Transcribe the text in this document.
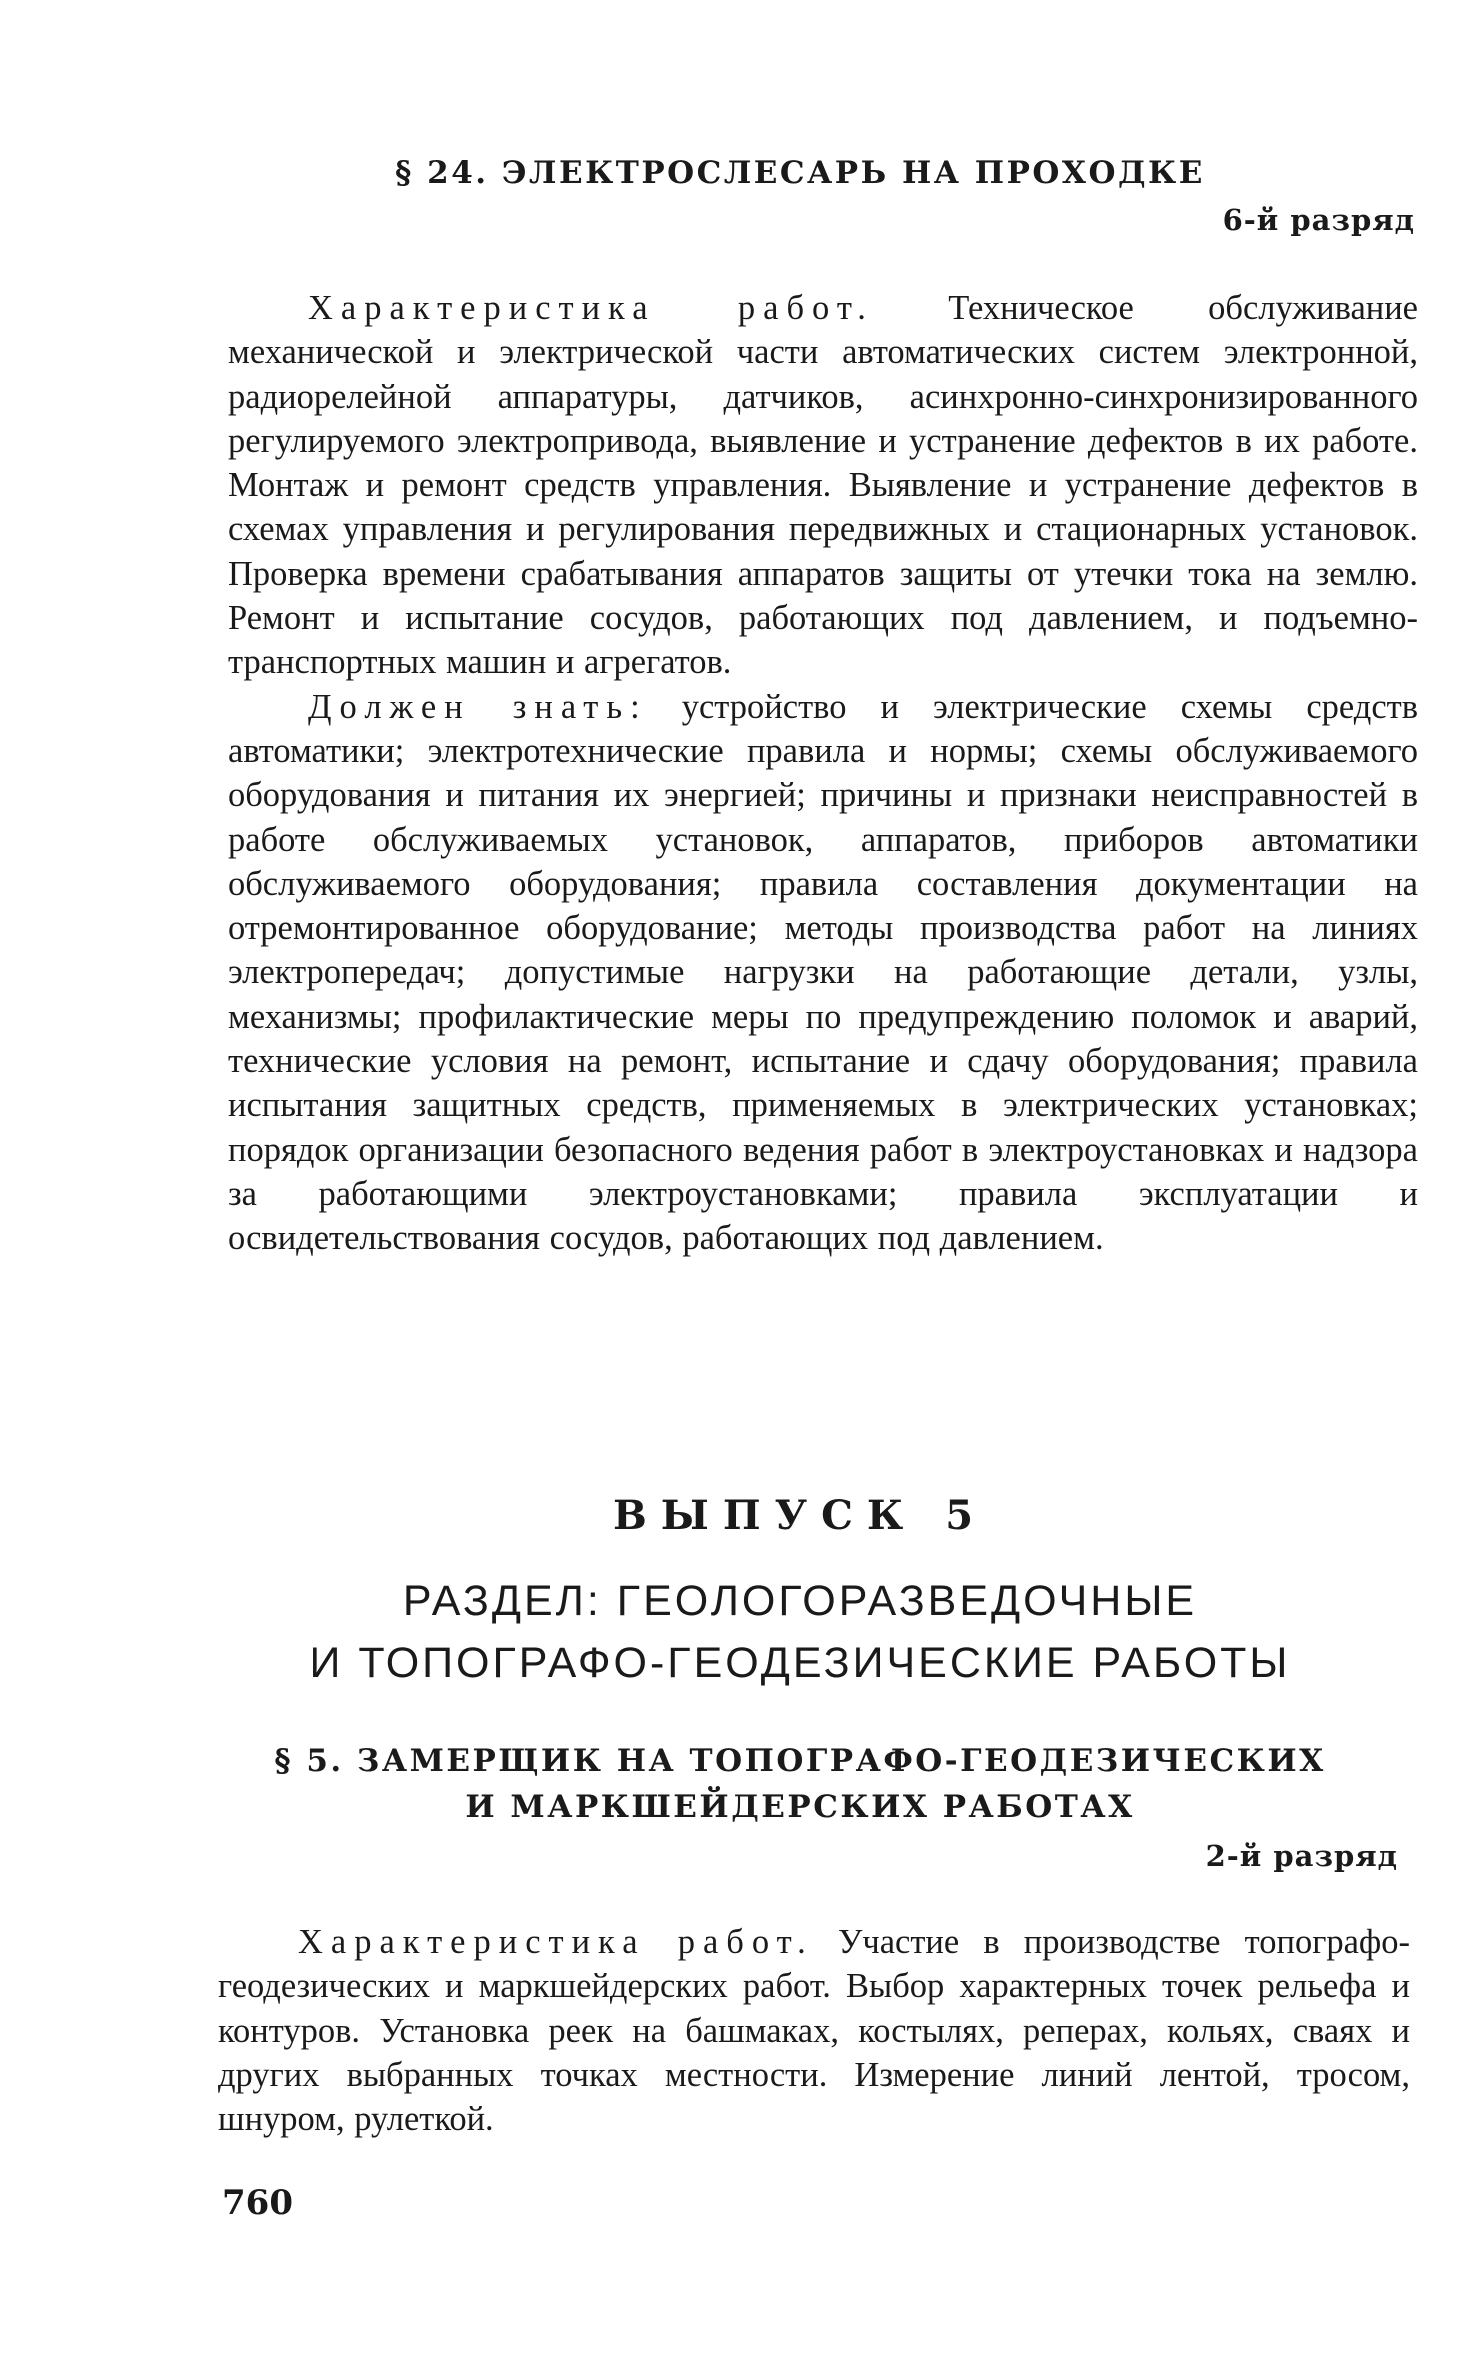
§ 24. ЭЛЕКТРОСЛЕСАРЬ НА ПРОХОДКЕ
6-й разряд

Характеристика работ. Техническое обслуживание механической и электрической части автоматических систем электронной, радиорелейной аппаратуры, датчиков, асинхронно-синхронизированного регулируемого электропривода, выявление и устранение дефектов в их работе. Монтаж и ремонт средств управления. Выявление и устранение дефектов в схемах управления и регулирования передвижных и стационарных установок. Проверка времени срабатывания аппаратов защиты от утечки тока на землю. Ремонт и испытание сосудов, работающих под давлением, и подъемно-транспортных машин и агрегатов.

Должен знать: устройство и электрические схемы средств автоматики; электротехнические правила и нормы; схемы обслуживаемого оборудования и питания их энергией; причины и признаки неисправностей в работе обслуживаемых установок, аппаратов, приборов автоматики обслуживаемого оборудования; правила составления документации на отремонтированное оборудование; методы производства работ на линиях электропередач; допустимые нагрузки на работающие детали, узлы, механизмы; профилактические меры по предупреждению поломок и аварий, технические условия на ремонт, испытание и сдачу оборудования; правила испытания защитных средств, применяемых в электрических установках; порядок организации безопасного ведения работ в электроустановках и надзора за работающими электроустановками; правила эксплуатации и освидетельствования сосудов, работающих под давлением.

ВЫПУСК 5
РАЗДЕЛ: ГЕОЛОГОРАЗВЕДОЧНЫЕ
И ТОПОГРАФО-ГЕОДЕЗИЧЕСКИЕ РАБОТЫ
§ 5. ЗАМЕРЩИК НА ТОПОГРАФО-ГЕОДЕЗИЧЕСКИХ
И МАРКШЕЙДЕРСКИХ РАБОТАХ
2-й разряд

Характеристика работ. Участие в производстве топографо-геодезических и маркшейдерских работ. Выбор характерных точек рельефа и контуров. Установка реек на башмаках, костылях, реперах, кольях, сваях и других выбранных точках местности. Измерение линий лентой, тросом, шнуром, рулеткой.

760
